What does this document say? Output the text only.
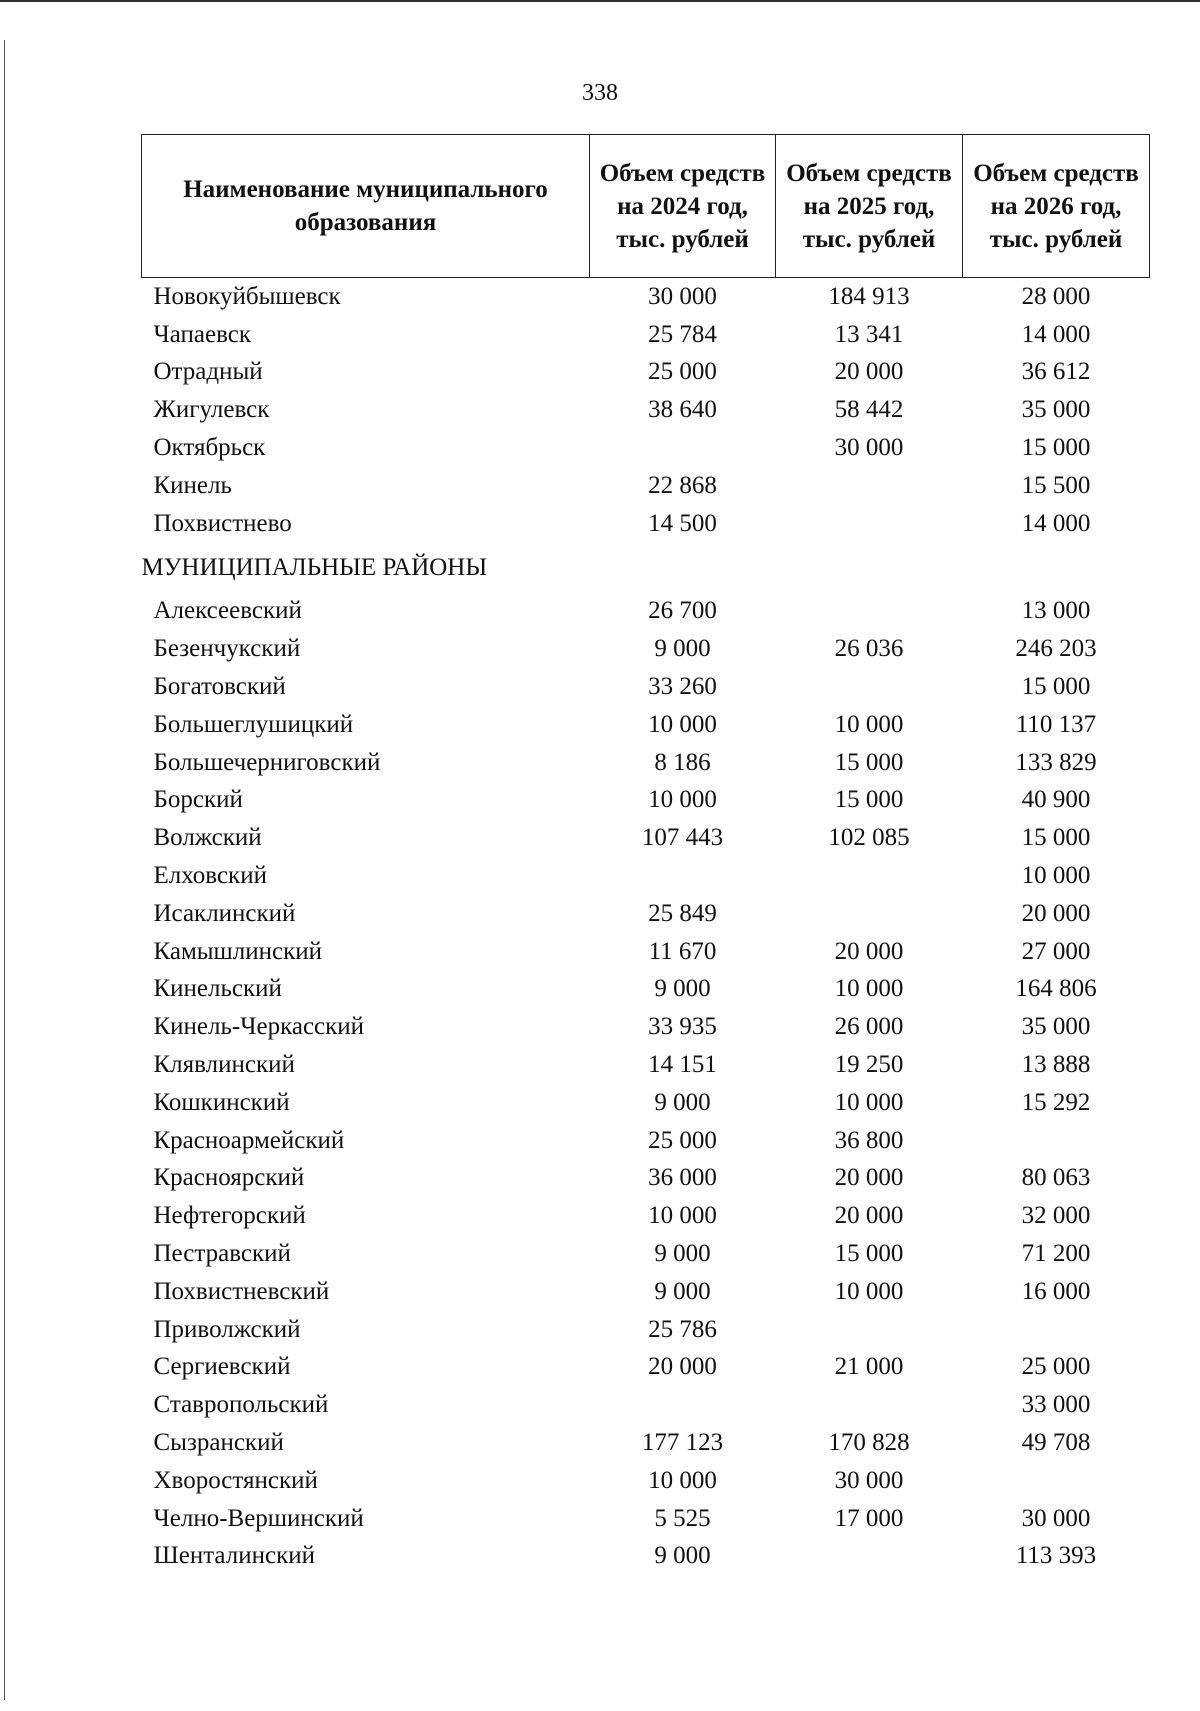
338
Наименование муниципального образования	Объем средств на 2024 год, тыс. рублей	Объем средств на 2025 год, тыс. рублей	Объем средств на 2026 год, тыс. рублей
Новокуйбышевск	30 000	184 913	28 000
Чапаевск	25 784	13 341	14 000
Отрадный	25 000	20 000	36 612
Жигулевск	38 640	58 442	35 000
Октябрьск		30 000	15 000
Кинель	22 868		15 500
Похвистнево	14 500		14 000
МУНИЦИПАЛЬНЫЕ РАЙОНЫ			
Алексеевский	26 700		13 000
Безенчукский	9 000	26 036	246 203
Богатовский	33 260		15 000
Большеглушицкий	10 000	10 000	110 137
Большечерниговский	8 186	15 000	133 829
Борский	10 000	15 000	40 900
Волжский	107 443	102 085	15 000
Елховский			10 000
Исаклинский	25 849		20 000
Камышлинский	11 670	20 000	27 000
Кинельский	9 000	10 000	164 806
Кинель-Черкасский	33 935	26 000	35 000
Клявлинский	14 151	19 250	13 888
Кошкинский	9 000	10 000	15 292
Красноармейский	25 000	36 800	
Красноярский	36 000	20 000	80 063
Нефтегорский	10 000	20 000	32 000
Пестравский	9 000	15 000	71 200
Похвистневский	9 000	10 000	16 000
Приволжский	25 786		
Сергиевский	20 000	21 000	25 000
Ставропольский			33 000
Сызранский	177 123	170 828	49 708
Хворостянский	10 000	30 000	
Челно-Вершинский	5 525	17 000	30 000
Шенталинский	9 000		113 393
